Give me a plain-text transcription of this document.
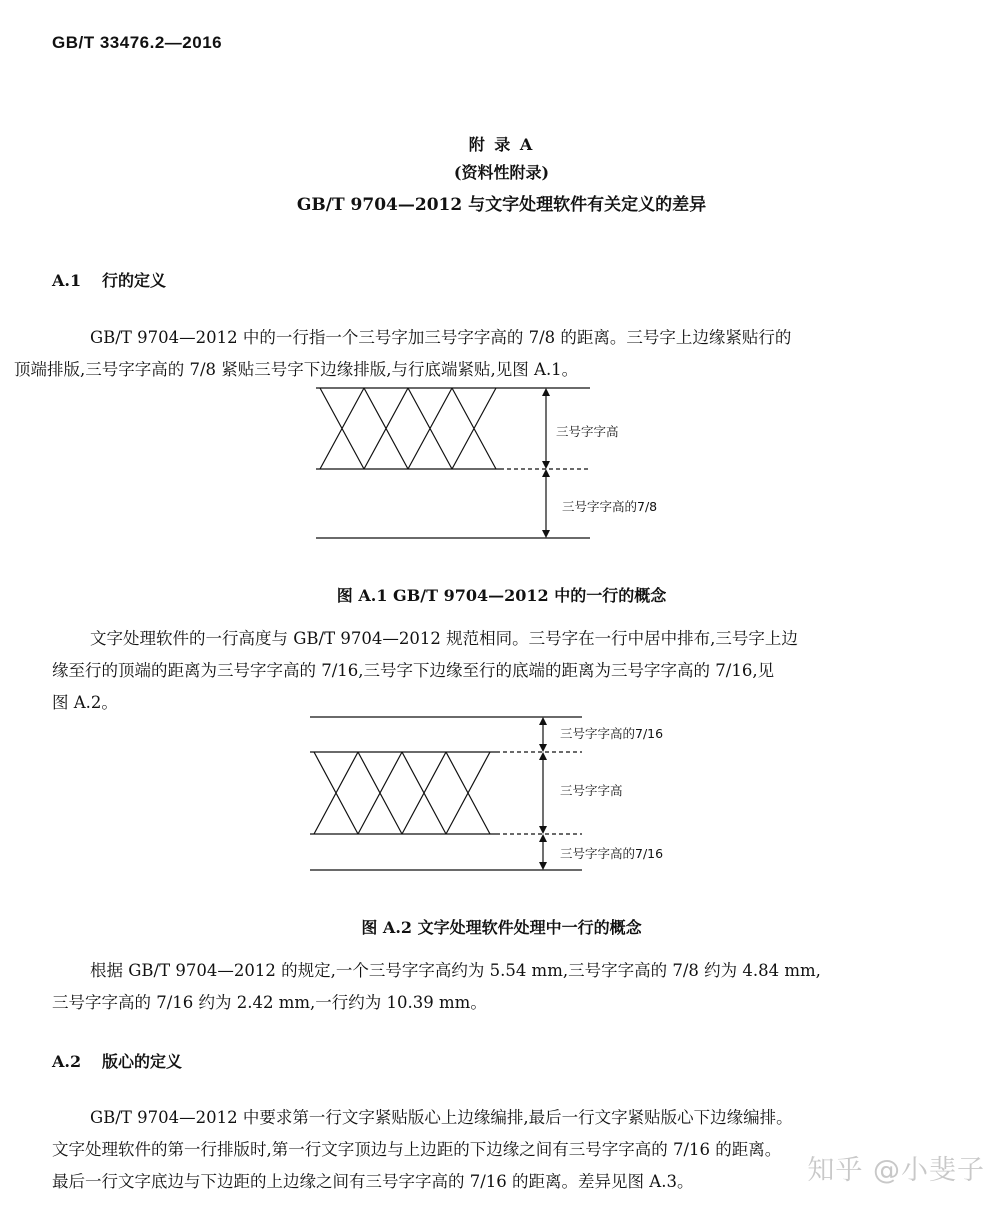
GB/T 33476.2—2016
附 录 A
(资料性附录)
GB/T 9704—2012 与文字处理软件有关定义的差异
A.1 行的定义
GB/T 9704—2012 中的一行指一个三号字加三号字字高的 7/8 的距离。三号字上边缘紧贴行的
顶端排版,三号字字高的 7/8 紧贴三号字下边缘排版,与行底端紧贴,见图 A.1。
三号字字高
三号字字高的7/8
图 A.1 GB/T 9704—2012 中的一行的概念
文字处理软件的一行高度与 GB/T 9704—2012 规范相同。三号字在一行中居中排布,三号字上边
缘至行的顶端的距离为三号字字高的 7/16,三号字下边缘至行的底端的距离为三号字字高的 7/16,见
图 A.2。
三号字字高的7/16
三号字字高
三号字字高的7/16
图 A.2 文字处理软件处理中一行的概念
根据 GB/T 9704—2012 的规定,一个三号字字高约为 5.54 mm,三号字字高的 7/8 约为 4.84 mm,
三号字字高的 7/16 约为 2.42 mm,一行约为 10.39 mm。
A.2 版心的定义
GB/T 9704—2012 中要求第一行文字紧贴版心上边缘编排,最后一行文字紧贴版心下边缘编排。
文字处理软件的第一行排版时,第一行文字顶边与上边距的下边缘之间有三号字字高的 7/16 的距离。
最后一行文字底边与下边距的上边缘之间有三号字字高的 7/16 的距离。差异见图 A.3。	知乎 @小斐子
